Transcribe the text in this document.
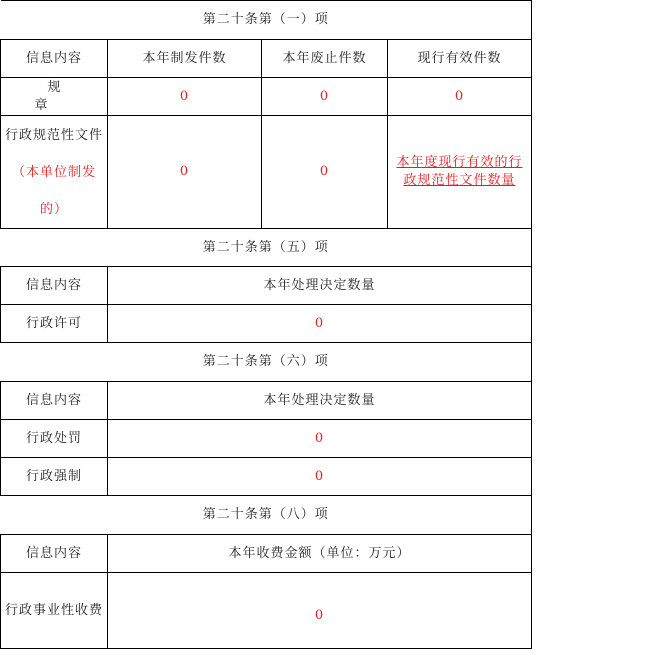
第二十条第（一）项			
信息内容	本年制发件数	本年废止件数	现行有效件数
规章	0	0	0

行政规范性文件（本单位制发的）	0	0	本年度现行有效的行政规范性文件数量
第二十条第（五）项			
信息内容	本年处理决定数量		
行政许可	0		
第二十条第（六）项			
信息内容	本年处理决定数量		
行政处罚	0		
行政强制	0		
第二十条第（八）项			
信息内容	本年收费金额（单位：万元）		

行政事业性收费	0		
